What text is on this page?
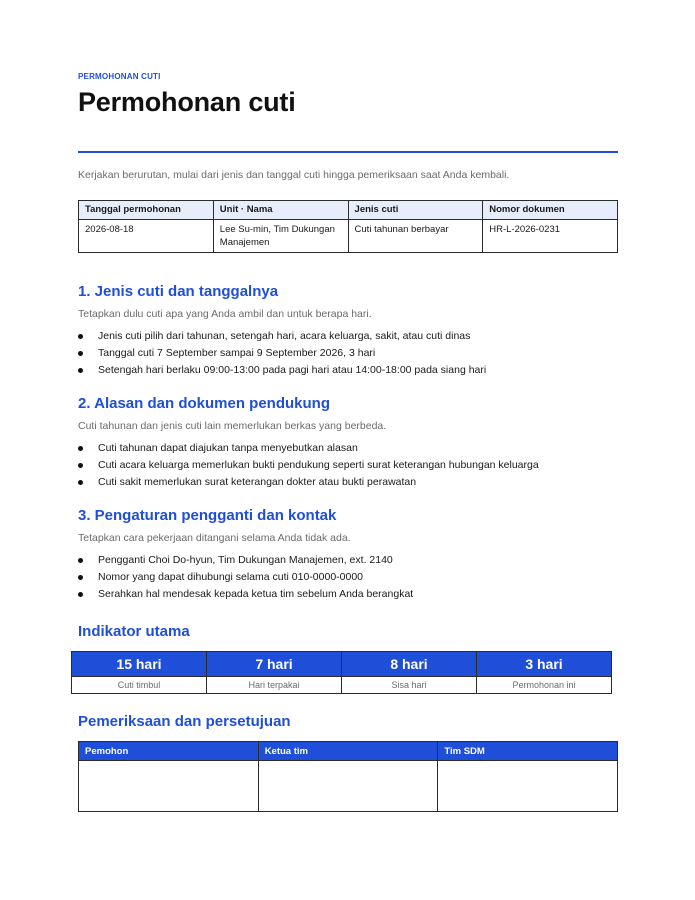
PERMOHONAN CUTI
Permohonan cuti
Kerjakan berurutan, mulai dari jenis dan tanggal cuti hingga pemeriksaan saat Anda kembali.
Tanggal permohonan	Unit · Nama	Jenis cuti	Nomor dokumen
2026-08-18	Lee Su-min, Tim Dukungan Manajemen	Cuti tahunan berbayar	HR-L-2026-0231
1. Jenis cuti dan tanggalnya
Tetapkan dulu cuti apa yang Anda ambil dan untuk berapa hari.
Jenis cuti pilih dari tahunan, setengah hari, acara keluarga, sakit, atau cuti dinas
Tanggal cuti 7 September sampai 9 September 2026, 3 hari
Setengah hari berlaku 09:00-13:00 pada pagi hari atau 14:00-18:00 pada siang hari
2. Alasan dan dokumen pendukung
Cuti tahunan dan jenis cuti lain memerlukan berkas yang berbeda.
Cuti tahunan dapat diajukan tanpa menyebutkan alasan
Cuti acara keluarga memerlukan bukti pendukung seperti surat keterangan hubungan keluarga
Cuti sakit memerlukan surat keterangan dokter atau bukti perawatan
3. Pengaturan pengganti dan kontak
Tetapkan cara pekerjaan ditangani selama Anda tidak ada.
Pengganti Choi Do-hyun, Tim Dukungan Manajemen, ext. 2140
Nomor yang dapat dihubungi selama cuti 010-0000-0000
Serahkan hal mendesak kepada ketua tim sebelum Anda berangkat
Indikator utama
15 hari	7 hari	8 hari	3 hari
Cuti timbul	Hari terpakai	Sisa hari	Permohonan ini
Pemeriksaan dan persetujuan
Pemohon	Ketua tim	Tim SDM
